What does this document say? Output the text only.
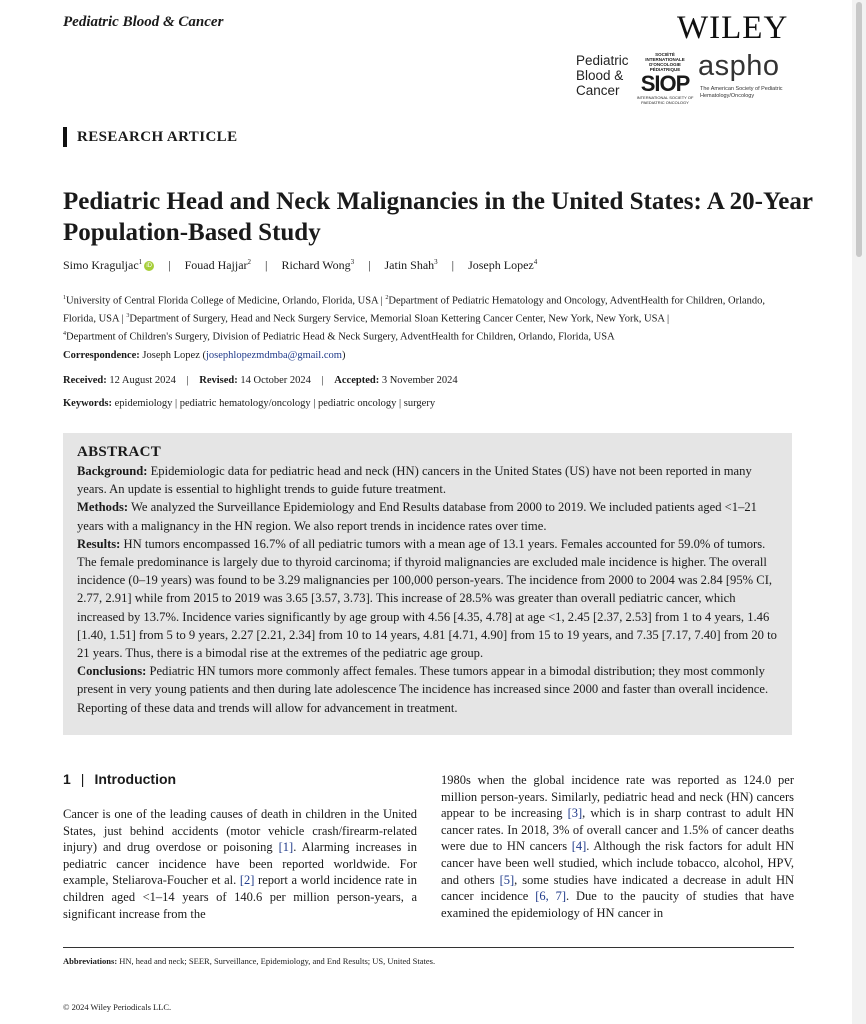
Pediatric Blood & Cancer	WILEY
Pediatric
Blood &
Cancer
SOCIÉTÉ INTERNATIONALE D'ONCOLOGIE PÉDIATRIQUE
SIOP
INTERNATIONAL SOCIETY OF PAEDIATRIC ONCOLOGY
aspho
The American Society of Pediatric Hematology/Oncology
RESEARCH ARTICLE
Pediatric Head and Neck Malignancies in the United States: A 20-Year Population-Based Study
Simo Kraguljac$^1$iD | Fouad Hajjar$^2$ | Richard Wong$^3$ | Jatin Shah$^3$ | Joseph Lopez$^4$
$^1$University of Central Florida College of Medicine, Orlando, Florida, USA | $^2$Department of Pediatric Hematology and Oncology, AdventHealth for Children, Orlando, Florida, USA | $^3$Department of Surgery, Head and Neck Surgery Service, Memorial Sloan Kettering Cancer Center, New York, New York, USA |
$^4$Department of Children's Surgery, Division of Pediatric Head & Neck Surgery, AdventHealth for Children, Orlando, Florida, USA
Correspondence: Joseph Lopez (josephlopezmdmba@gmail.com)
Received: 12 August 2024 | Revised: 14 October 2024 | Accepted: 3 November 2024
Keywords: epidemiology | pediatric hematology/oncology | pediatric oncology | surgery
ABSTRACT

Background: Epidemiologic data for pediatric head and neck (HN) cancers in the United States (US) have not been reported in many years. An update is essential to highlight trends to guide future treatment.

Methods: We analyzed the Surveillance Epidemiology and End Results database from 2000 to 2019. We included patients aged <1–21 years with a malignancy in the HN region. We also report trends in incidence rates over time.

Results: HN tumors encompassed 16.7% of all pediatric tumors with a mean age of 13.1 years. Females accounted for 59.0% of tumors. The female predominance is largely due to thyroid carcinoma; if thyroid malignancies are excluded male incidence is higher. The overall incidence (0–19 years) was found to be 3.29 malignancies per 100,000 person-years. The incidence from 2000 to 2004 was 2.84 [95% CI, 2.77, 2.91] while from 2015 to 2019 was 3.65 [3.57, 3.73]. This increase of 28.5% was greater than overall pediatric cancer, which increased by 13.7%. Incidence varies significantly by age group with 4.56 [4.35, 4.78] at age <1, 2.45 [2.37, 2.53] from 1 to 4 years, 1.46 [1.40, 1.51] from 5 to 9 years, 2.27 [2.21, 2.34] from 10 to 14 years, 4.81 [4.71, 4.90] from 15 to 19 years, and 7.35 [7.17, 7.40] from 20 to 21 years. Thus, there is a bimodal rise at the extremes of the pediatric age group.

Conclusions: Pediatric HN tumors more commonly affect females. These tumors appear in a bimodal distribution; they most commonly present in very young patients and then during late adolescence The incidence has increased since 2000 and faster than overall incidence. Reporting of these data and trends will allow for advancement in treatment.

1 | Introduction
Cancer is one of the leading causes of death in children in the United States, just behind accidents (motor vehicle crash/firearm-related injury) and drug overdose or poisoning [1]. Alarming increases in pediatric cancer incidence have been reported worldwide. For example, Steliarova-Foucher et al. [2] report a world incidence rate in children aged <1–14 years of 140.6 per million person-years, a significant increase from the
1980s when the global incidence rate was reported as 124.0 per million person-years. Similarly, pediatric head and neck (HN) cancers appear to be increasing [3], which is in sharp contrast to adult HN cancer rates. In 2018, 3% of overall cancer and 1.5% of cancer deaths were due to HN cancers [4]. Although the risk factors for adult HN cancer have been well studied, which include tobacco, alcohol, HPV, and others [5], some studies have indicated a decrease in adult HN cancer incidence [6, 7]. Due to the paucity of studies that have examined the epidemiology of HN cancer in
Abbreviations: HN, head and neck; SEER, Surveillance, Epidemiology, and End Results; US, United States.
© 2024 Wiley Periodicals LLC.
